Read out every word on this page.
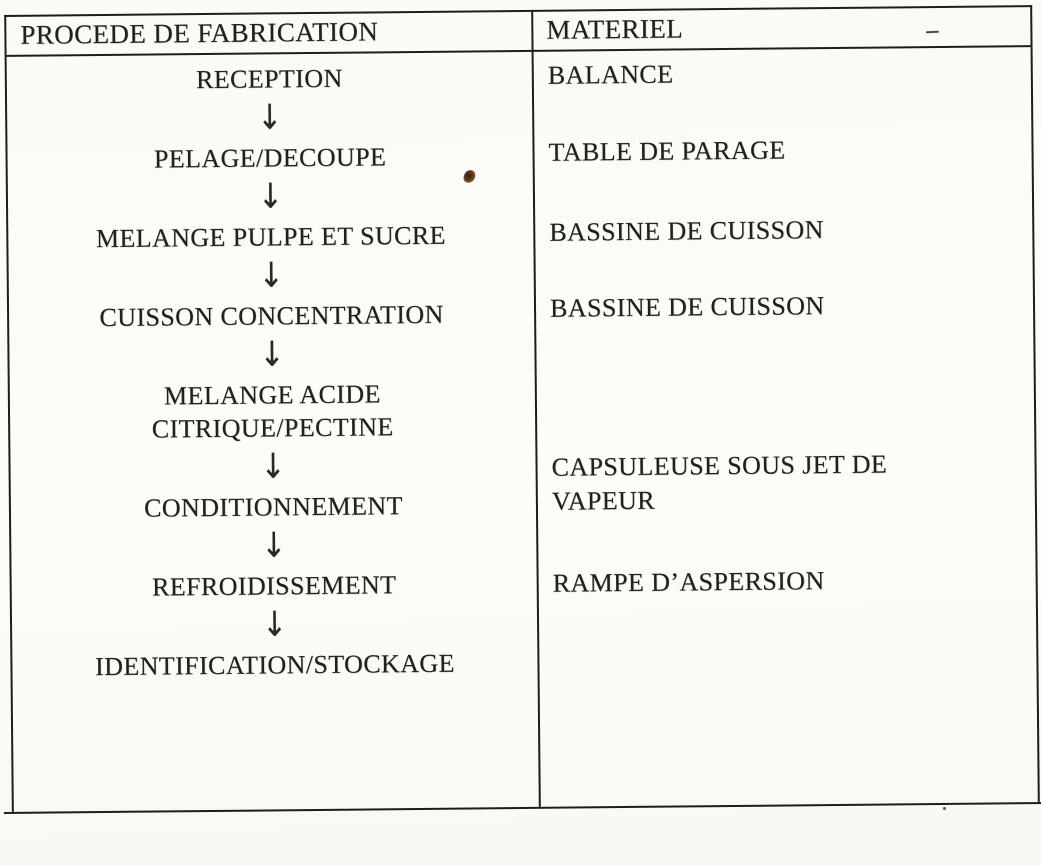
PROCEDE DE FABRICATION	MATERIEL
RECEPTION
↓
PELAGE/DECOUPE
↓
MELANGE PULPE ET SUCRE
↓
CUISSON CONCENTRATION
↓
MELANGE ACIDE
CITRIQUE/PECTINE
↓
CONDITIONNEMENT
↓
REFROIDISSEMENT
↓
IDENTIFICATION/STOCKAGE
BALANCE
TABLE DE PARAGE
BASSINE DE CUISSON
BASSINE DE CUISSON
CAPSULEUSE SOUS JET DE
VAPEUR
RAMPE D’ASPERSION
